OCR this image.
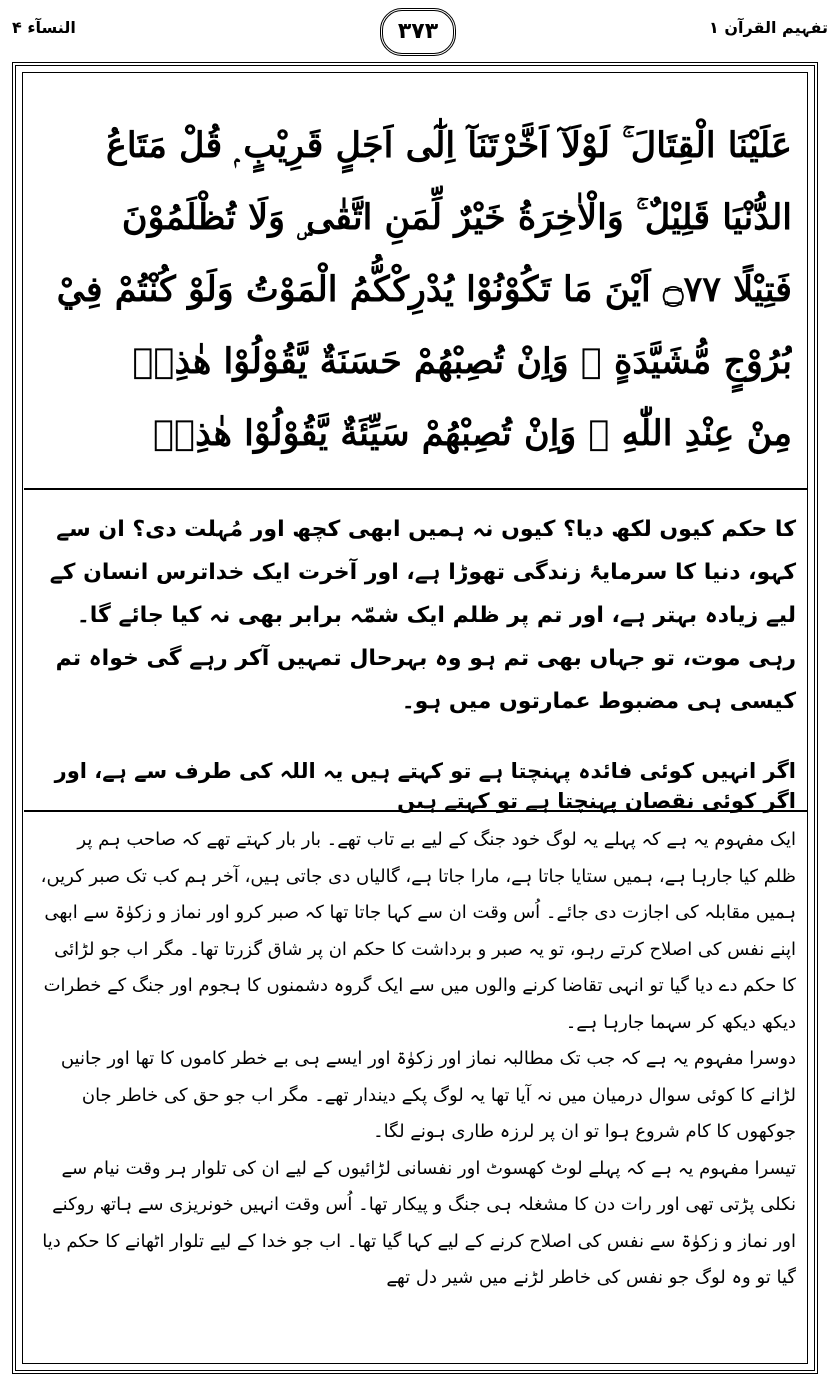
النسآء ۴	۳۷۳	تفہیم القرآن ۱
عَلَيْنَا الْقِتَالَ ۚ لَوْلَآ اَخَّرْتَنَآ اِلٰٓى اَجَلٍ قَرِيْبٍ ۭ قُلْ مَتَاعُ
الدُّنْيَا قَلِيْلٌ ۚ وَالْاٰخِرَةُ خَيْرٌ لِّمَنِ اتَّقٰى ۣ وَلَا تُظْلَمُوْنَ
فَتِيْلًا ۝۷۷ اَيْنَ مَا تَكُوْنُوْا يُدْرِكْكُّمُ الْمَوْتُ وَلَوْ كُنْتُمْ فِيْ
بُرُوْجٍ مُّشَيَّدَةٍ ۭ وَاِنْ تُصِبْهُمْ حَسَنَةٌ يَّقُوْلُوْا هٰذِهٖ
مِنْ عِنْدِ اللّٰهِ ۚ وَاِنْ تُصِبْهُمْ سَيِّئَةٌ يَّقُوْلُوْا هٰذِهٖ
کا حکم کیوں لکھ دیا؟ کیوں نہ ہمیں ابھی کچھ اور مُہلت دی؟ ان سے کہو، دنیا کا سرمایۂ زندگی تھوڑا ہے، اور آخرت ایک خداترس انسان کے لیے زیادہ بہتر ہے، اور تم پر ظلم ایک شمّہ برابر بھی نہ کیا جائے گا۔ رہی موت، تو جہاں بھی تم ہو وہ بہرحال تمہیں آکر رہے گی خواہ تم کیسی ہی مضبوط عمارتوں میں ہو۔
اگر انہیں کوئی فائدہ پہنچتا ہے تو کہتے ہیں یہ اللہ کی طرف سے ہے، اور اگر کوئی نقصان پہنچتا ہے تو کہتے ہیں

ایک مفہوم یہ ہے کہ پہلے یہ لوگ خود جنگ کے لیے بے تاب تھے۔ بار بار کہتے تھے کہ صاحب ہم پر ظلم کیا جارہا ہے، ہمیں ستایا جاتا ہے، مارا جاتا ہے، گالیاں دی جاتی ہیں، آخر ہم کب تک صبر کریں، ہمیں مقابلہ کی اجازت دی جائے۔ اُس وقت ان سے کہا جاتا تھا کہ صبر کرو اور نماز و زکوٰۃ سے ابھی اپنے نفس کی اصلاح کرتے رہو، تو یہ صبر و برداشت کا حکم ان پر شاق گزرتا تھا۔ مگر اب جو لڑائی کا حکم دے دیا گیا تو انہی تقاضا کرنے والوں میں سے ایک گروہ دشمنوں کا ہجوم اور جنگ کے خطرات دیکھ دیکھ کر سہما جارہا ہے۔

دوسرا مفہوم یہ ہے کہ جب تک مطالبہ نماز اور زکوٰۃ اور ایسے ہی بے خطر کاموں کا تھا اور جانیں لڑانے کا کوئی سوال درمیان میں نہ آیا تھا یہ لوگ پکے دیندار تھے۔ مگر اب جو حق کی خاطر جان جوکھوں کا کام شروع ہوا تو ان پر لرزہ طاری ہونے لگا۔

تیسرا مفہوم یہ ہے کہ پہلے لوٹ کھسوٹ اور نفسانی لڑائیوں کے لیے ان کی تلوار ہر وقت نیام سے نکلی پڑتی تھی اور رات دن کا مشغلہ ہی جنگ و پیکار تھا۔ اُس وقت انہیں خونریزی سے ہاتھ روکنے اور نماز و زکوٰۃ سے نفس کی اصلاح کرنے کے لیے کہا گیا تھا۔ اب جو خدا کے لیے تلوار اٹھانے کا حکم دیا گیا تو وہ لوگ جو نفس کی خاطر لڑنے میں شیر دل تھے
